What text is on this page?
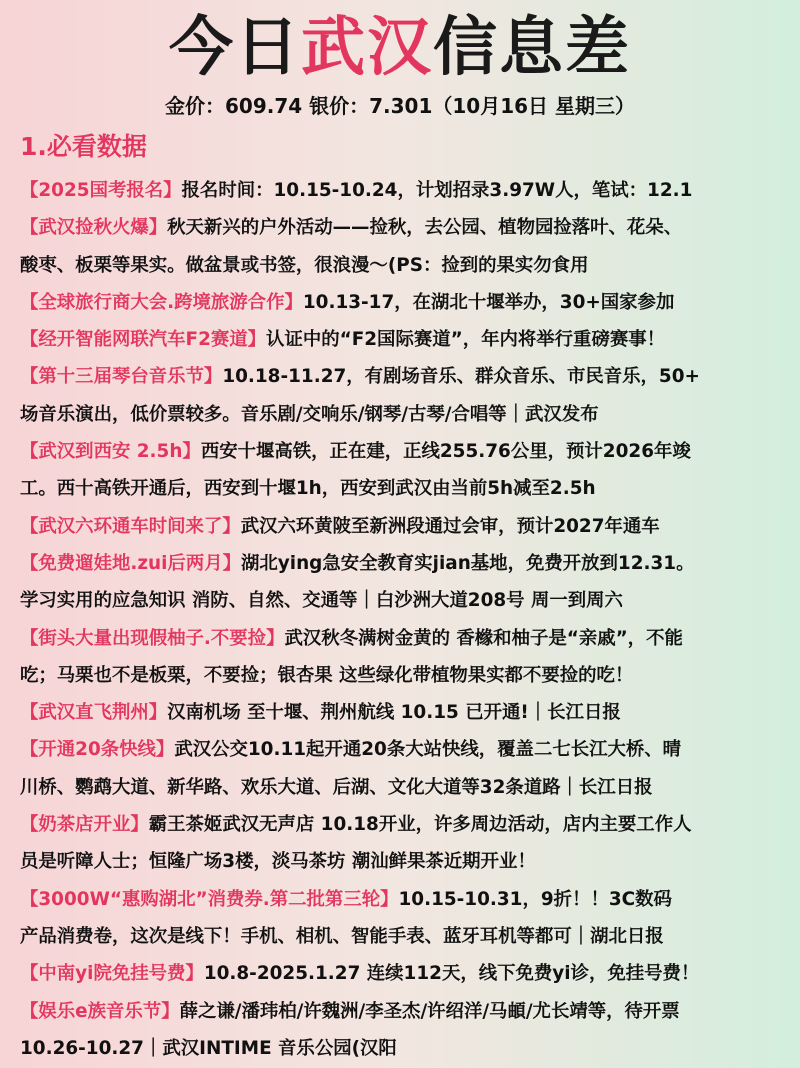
今日武汉信息差
金价：609.74 银价：7.301（10月16日 星期三）
1.必看数据
【2025国考报名】报名时间：10.15-10.24，计划招录3.97W人，笔试：12.1
【武汉捡秋火爆】秋天新兴的户外活动——捡秋，去公园、植物园捡落叶、花朵、
酸枣、板栗等果实。做盆景或书签，很浪漫～(PS：捡到的果实勿食用
【全球旅行商大会.跨境旅游合作】10.13-17，在湖北十堰举办，30+国家参加
【经开智能网联汽车F2赛道】认证中的“F2国际赛道”，年内将举行重磅赛事！
【第十三届琴台音乐节】10.18-11.27，有剧场音乐、群众音乐、市民音乐，50+
场音乐演出，低价票较多。音乐剧/交响乐/钢琴/古琴/合唱等｜武汉发布
【武汉到西安 2.5h】西安十堰高铁，正在建，正线255.76公里，预计2026年竣
工。西十高铁开通后，西安到十堰1h，西安到武汉由当前5h减至2.5h
【武汉六环通车时间来了】武汉六环黄陂至新洲段通过会审，预计2027年通车
【免费遛娃地.zui后两月】湖北ying急安全教育实jian基地，免费开放到12.31。
学习实用的应急知识 消防、自然、交通等｜白沙洲大道208号 周一到周六
【街头大量出现假柚子.不要捡】武汉秋冬满树金黄的 香橼和柚子是“亲戚”，不能
吃；马栗也不是板栗，不要捡；银杏果 这些绿化带植物果实都不要捡的吃！
【武汉直飞荆州】汉南机场 至十堰、荆州航线 10.15 已开通!｜长江日报
【开通20条快线】武汉公交10.11起开通20条大站快线，覆盖二七长江大桥、晴
川桥、鹦鹉大道、新华路、欢乐大道、后湖、文化大道等32条道路｜长江日报
【奶茶店开业】霸王茶姬武汉无声店 10.18开业，许多周边活动，店内主要工作人
员是听障人士；恒隆广场3楼，淡马茶坊 潮汕鲜果茶近期开业！
【3000W“惠购湖北”消费券.第二批第三轮】10.15-10.31，9折！！3C数码
产品消费卷，这次是线下！手机、相机、智能手表、蓝牙耳机等都可｜湖北日报
【中南yi院免挂号费】10.8-2025.1.27 连续112天，线下免费yi诊，免挂号费！
【娱乐e族音乐节】薛之谦/潘玮柏/许魏洲/李圣杰/许绍洋/马頔/尤长靖等，待开票
10.26-10.27｜武汉INTIME 音乐公园(汉阳
